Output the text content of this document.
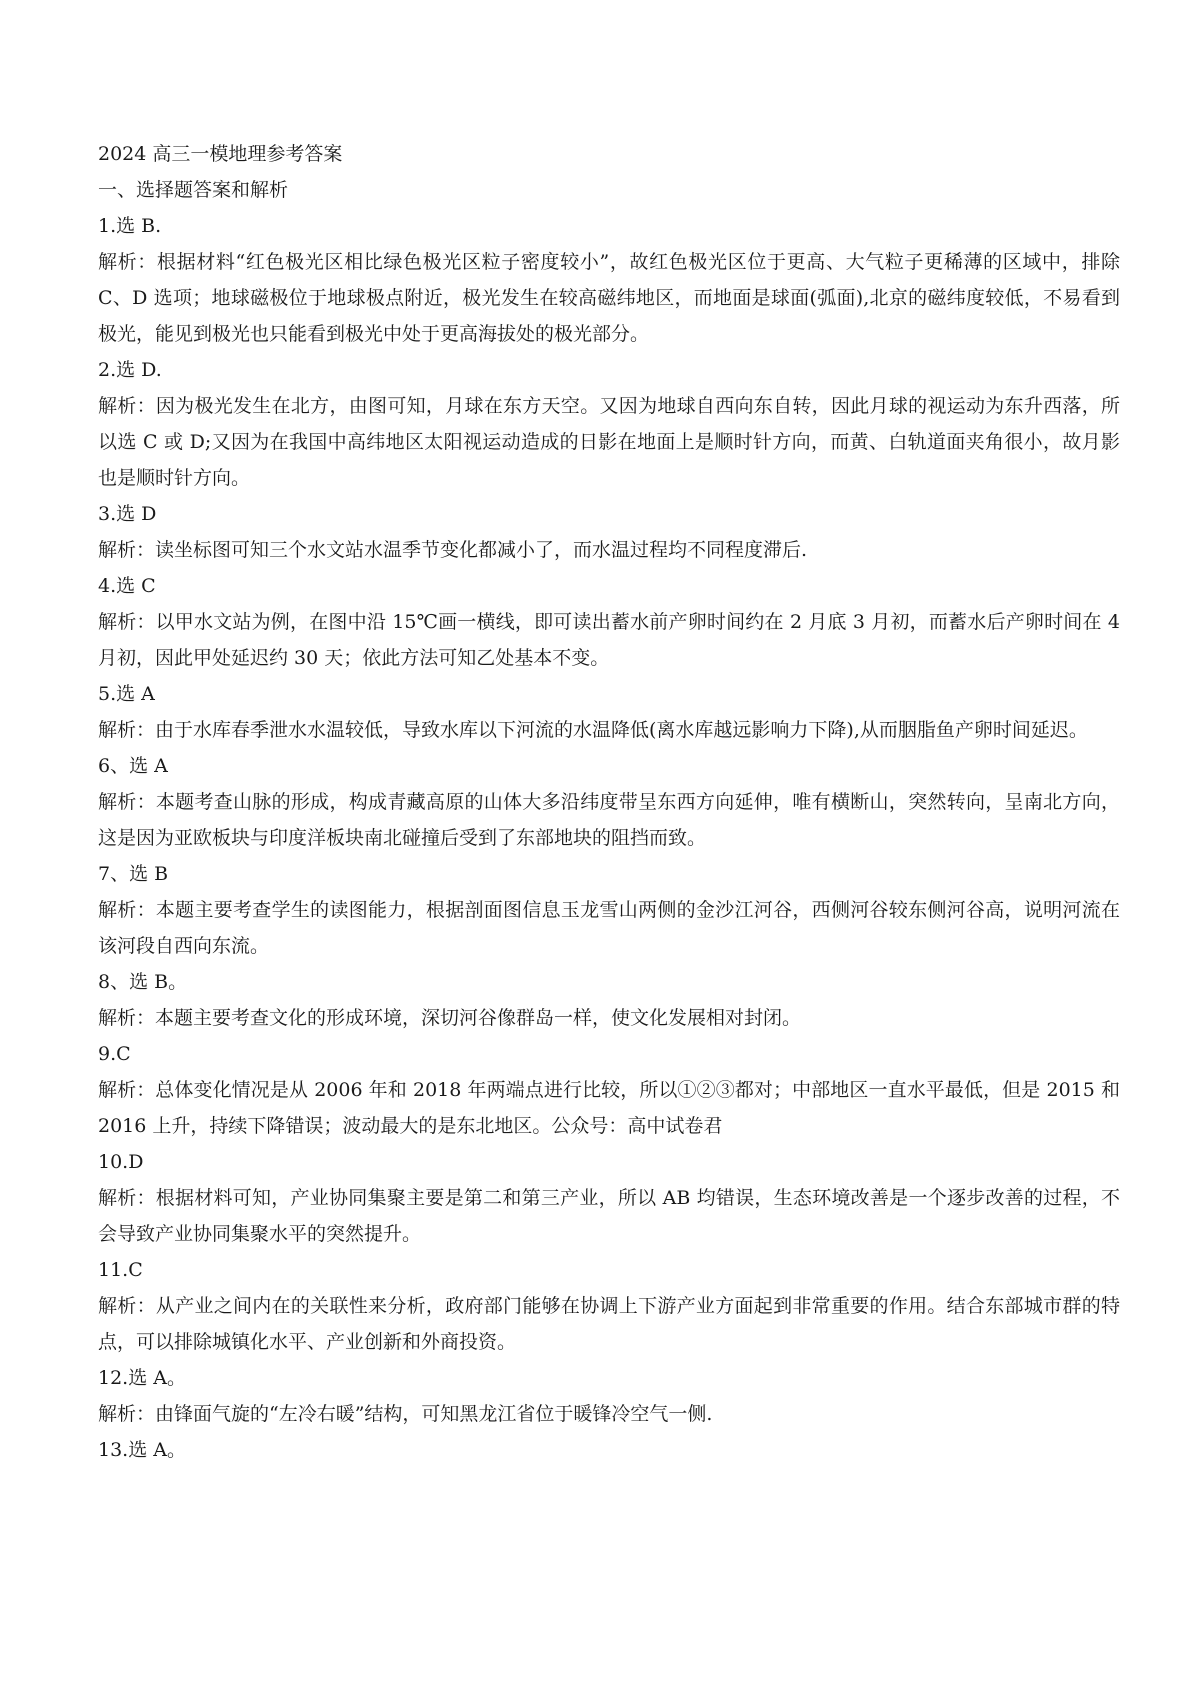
2024 高三一模地理参考答案

一、选择题答案和解析

1.选 B.
解析：根据材料“红色极光区相比绿色极光区粒子密度较小”，故红色极光区位于更高、大气粒子更稀薄的区域中，排除 C、D 选项；地球磁极位于地球极点附近，极光发生在较高磁纬地区，而地面是球面(弧面),北京的磁纬度较低，不易看到极光，能见到极光也只能看到极光中处于更高海拔处的极光部分。
2.选 D.
解析：因为极光发生在北方，由图可知，月球在东方天空。又因为地球自西向东自转，因此月球的视运动为东升西落，所以选 C 或 D;又因为在我国中高纬地区太阳视运动造成的日影在地面上是顺时针方向，而黄、白轨道面夹角很小，故月影也是顺时针方向。
3.选 D
解析：读坐标图可知三个水文站水温季节变化都减小了，而水温过程均不同程度滞后.
4.选 C
解析：以甲水文站为例，在图中沿 15℃画一横线，即可读出蓄水前产卵时间约在 2 月底 3 月初，而蓄水后产卵时间在 4 月初，因此甲处延迟约 30 天；依此方法可知乙处基本不变。
5.选 A
解析：由于水库春季泄水水温较低，导致水库以下河流的水温降低(离水库越远影响力下降),从而胭脂鱼产卵时间延迟。
6、选 A
解析：本题考查山脉的形成，构成青藏高原的山体大多沿纬度带呈东西方向延伸，唯有横断山，突然转向，呈南北方向，这是因为亚欧板块与印度洋板块南北碰撞后受到了东部地块的阻挡而致。
7、选 B
解析：本题主要考查学生的读图能力，根据剖面图信息玉龙雪山两侧的金沙江河谷，西侧河谷较东侧河谷高，说明河流在该河段自西向东流。
8、选 B。
解析：本题主要考查文化的形成环境，深切河谷像群岛一样，使文化发展相对封闭。
9.C
解析：总体变化情况是从 2006 年和 2018 年两端点进行比较，所以①②③都对；中部地区一直水平最低，但是 2015 和 2016 上升，持续下降错误；波动最大的是东北地区。公众号：高中试卷君
10.D
解析：根据材料可知，产业协同集聚主要是第二和第三产业，所以 AB 均错误，生态环境改善是一个逐步改善的过程，不会导致产业协同集聚水平的突然提升。
11.C
解析：从产业之间内在的关联性来分析，政府部门能够在协调上下游产业方面起到非常重要的作用。结合东部城市群的特点，可以排除城镇化水平、产业创新和外商投资。
12.选 A。
解析：由锋面气旋的“左冷右暖”结构，可知黑龙江省位于暖锋冷空气一侧.
13.选 A。
